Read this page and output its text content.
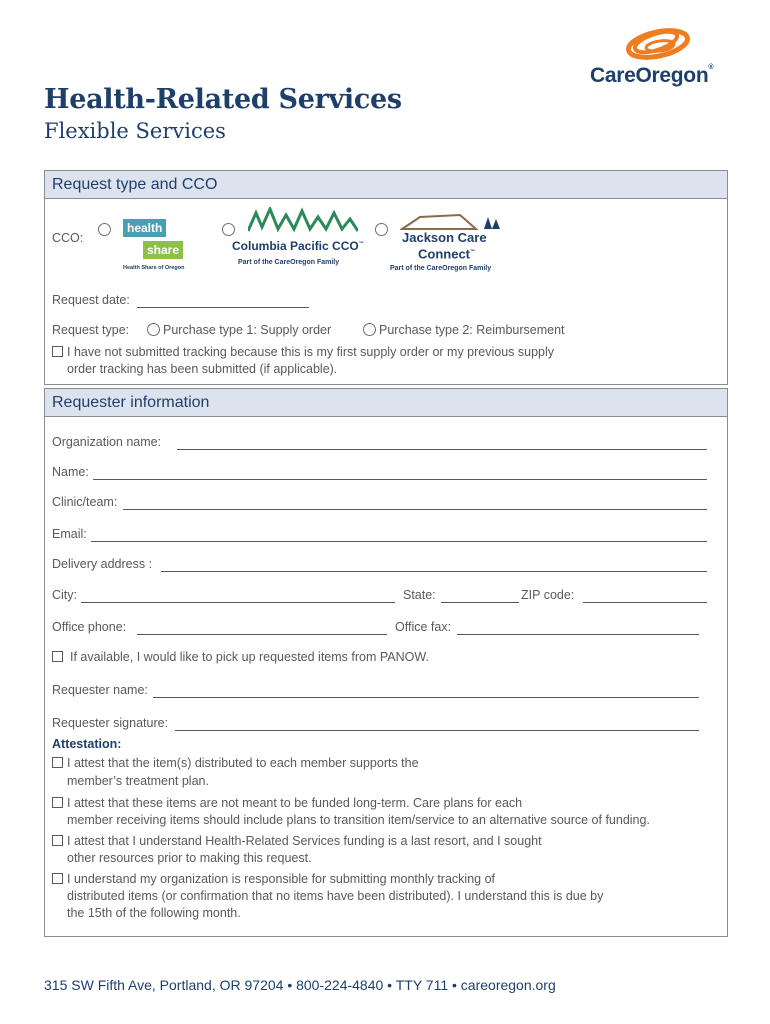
CareOregon®
Health-Related Services
Flexible Services
Request type and CCO
CCO:
health
share
Health Share of Oregon
Columbia Pacific CCO™
Part of the CareOregon Family
Jackson Care
Connect™
Part of the CareOregon Family
Request date:
Request type:	Purchase type 1: Supply order	Purchase type 2: Reimbursement
I have not submitted tracking because this is my first supply order or my previous supply
order tracking has been submitted (if applicable).
Requester information
Organization name:
Name:
Clinic/team:
Email:
Delivery address :
City:	State:	ZIP code:
Office phone:	Office fax:
If available, I would like to pick up requested items from PANOW.
Requester name:
Requester signature:
Attestation:
I attest that the item(s) distributed to each member supports the
member’s treatment plan.
I attest that these items are not meant to be funded long-term. Care plans for each
member receiving items should include plans to transition item/service to an alternative source of funding.
I attest that I understand Health-Related Services funding is a last resort, and I sought
other resources prior to making this request.
I understand my organization is responsible for submitting monthly tracking of
distributed items (or confirmation that no items have been distributed). I understand this is due by
the 15th of the following month.
315 SW Fifth Ave, Portland, OR 97204 • 800-224-4840 • TTY 711 • careoregon.org
